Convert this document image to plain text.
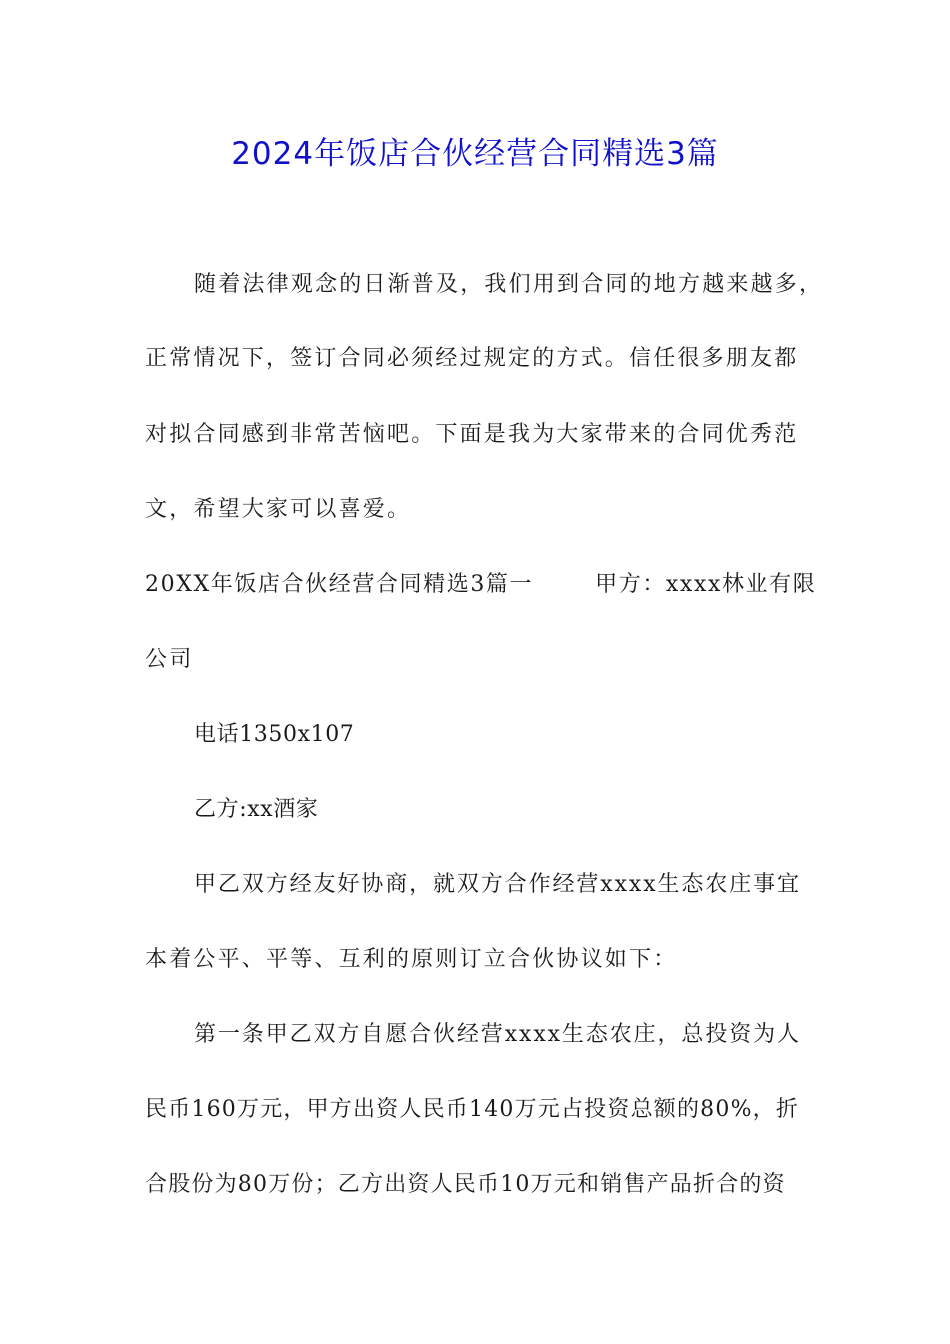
2024年饭店合伙经营合同精选3篇
随着法律观念的日渐普及，我们用到合同的地方越来越多，
正常情况下，签订合同必须经过规定的方式。信任很多朋友都
对拟合同感到非常苦恼吧。下面是我为大家带来的合同优秀范
文，希望大家可以喜爱。
20XX年饭店合伙经营合同精选3篇一	甲方：xxxx林业有限
公司
电话1350x107
乙方:xx酒家
甲乙双方经友好协商，就双方合作经营xxxx生态农庄事宜
本着公平、平等、互利的原则订立合伙协议如下：
第一条甲乙双方自愿合伙经营xxxx生态农庄，总投资为人
民币160万元，甲方出资人民币140万元占投资总额的80%，折
合股份为80万份；乙方出资人民币10万元和销售产品折合的资
